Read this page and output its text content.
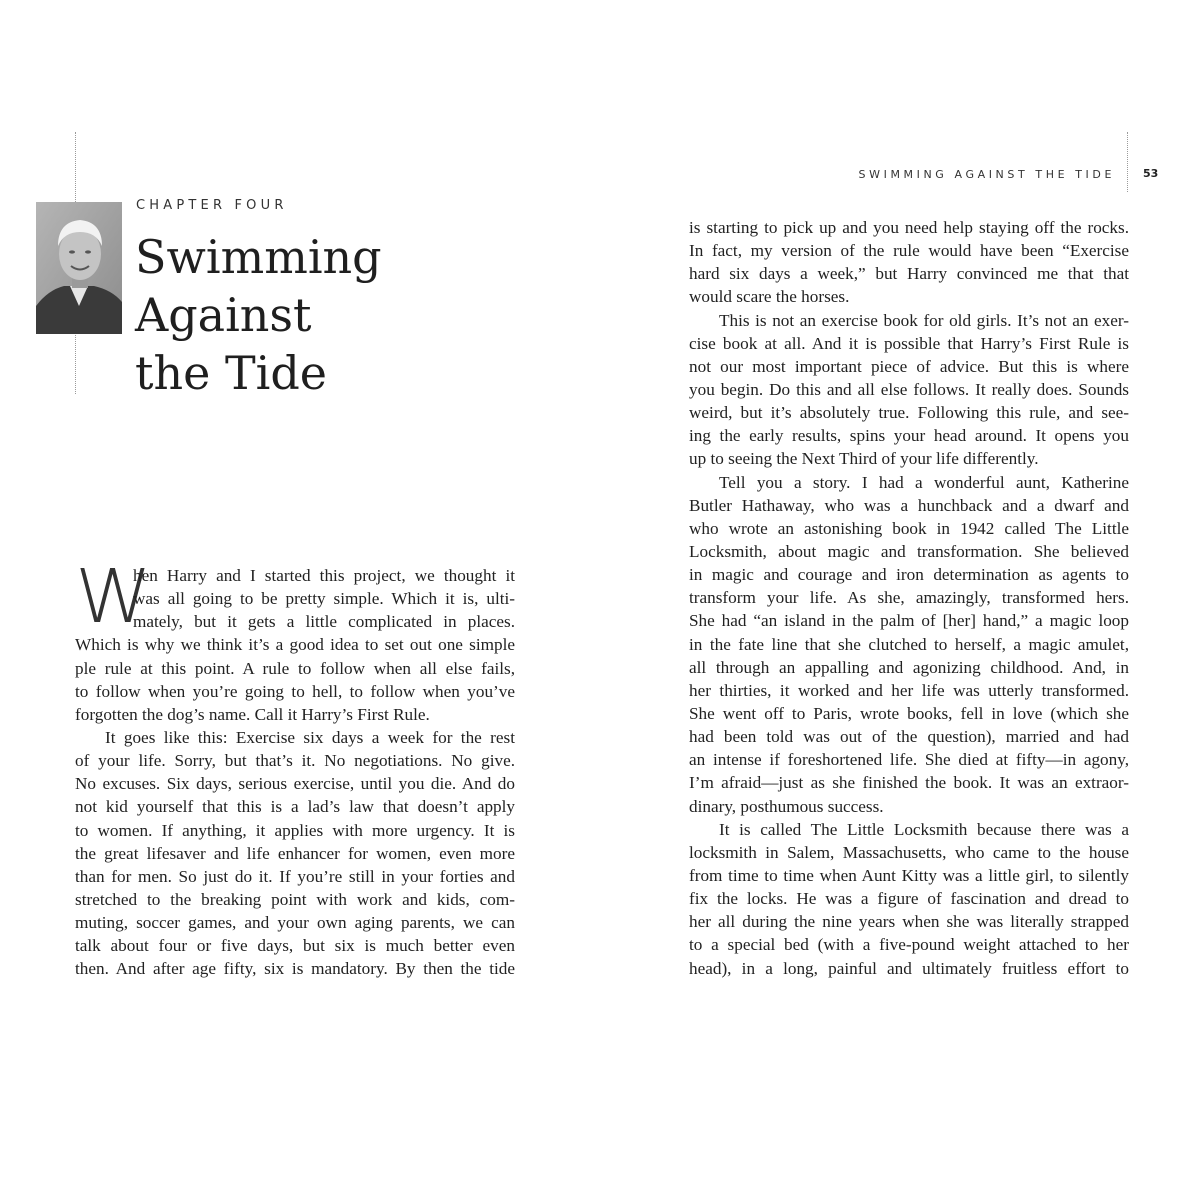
CHAPTER FOUR
Swimming
Against
the Tide
W
hen Harry and I started this project, we thought it
was all going to be pretty simple. Which it is, ulti-
mately, but it gets a little complicated in places.
Which is why we think it’s a good idea to set out one simple
ple rule at this point. A rule to follow when all else fails,
to follow when you’re going to hell, to follow when you’ve
forgotten the dog’s name. Call it Harry’s First Rule.
It goes like this: Exercise six days a week for the rest
of your life. Sorry, but that’s it. No negotiations. No give.
No excuses. Six days, serious exercise, until you die. And do
not kid yourself that this is a lad’s law that doesn’t apply
to women. If anything, it applies with more urgency. It is
the great lifesaver and life enhancer for women, even more
than for men. So just do it. If you’re still in your forties and
stretched to the breaking point with work and kids, com-
muting, soccer games, and your own aging parents, we can
talk about four or five days, but six is much better even
then. And after age fifty, six is mandatory. By then the tide
SWIMMING AGAINST THE TIDE	53
is starting to pick up and you need help staying off the rocks.
In fact, my version of the rule would have been “Exercise
hard six days a week,” but Harry convinced me that that
would scare the horses.
This is not an exercise book for old girls. It’s not an exer-
cise book at all. And it is possible that Harry’s First Rule is
not our most important piece of advice. But this is where
you begin. Do this and all else follows. It really does. Sounds
weird, but it’s absolutely true. Following this rule, and see-
ing the early results, spins your head around. It opens you
up to seeing the Next Third of your life differently.
Tell you a story. I had a wonderful aunt, Katherine
Butler Hathaway, who was a hunchback and a dwarf and
who wrote an astonishing book in 1942 called The Little
Locksmith, about magic and transformation. She believed
in magic and courage and iron determination as agents to
transform your life. As she, amazingly, transformed hers.
She had “an island in the palm of [her] hand,” a magic loop
in the fate line that she clutched to herself, a magic amulet,
all through an appalling and agonizing childhood. And, in
her thirties, it worked and her life was utterly transformed.
She went off to Paris, wrote books, fell in love (which she
had been told was out of the question), married and had
an intense if foreshortened life. She died at fifty—in agony,
I’m afraid—just as she finished the book. It was an extraor-
dinary, posthumous success.
It is called The Little Locksmith because there was a
locksmith in Salem, Massachusetts, who came to the house
from time to time when Aunt Kitty was a little girl, to silently
fix the locks. He was a figure of fascination and dread to
her all during the nine years when she was literally strapped
to a special bed (with a five-pound weight attached to her
head), in a long, painful and ultimately fruitless effort to
